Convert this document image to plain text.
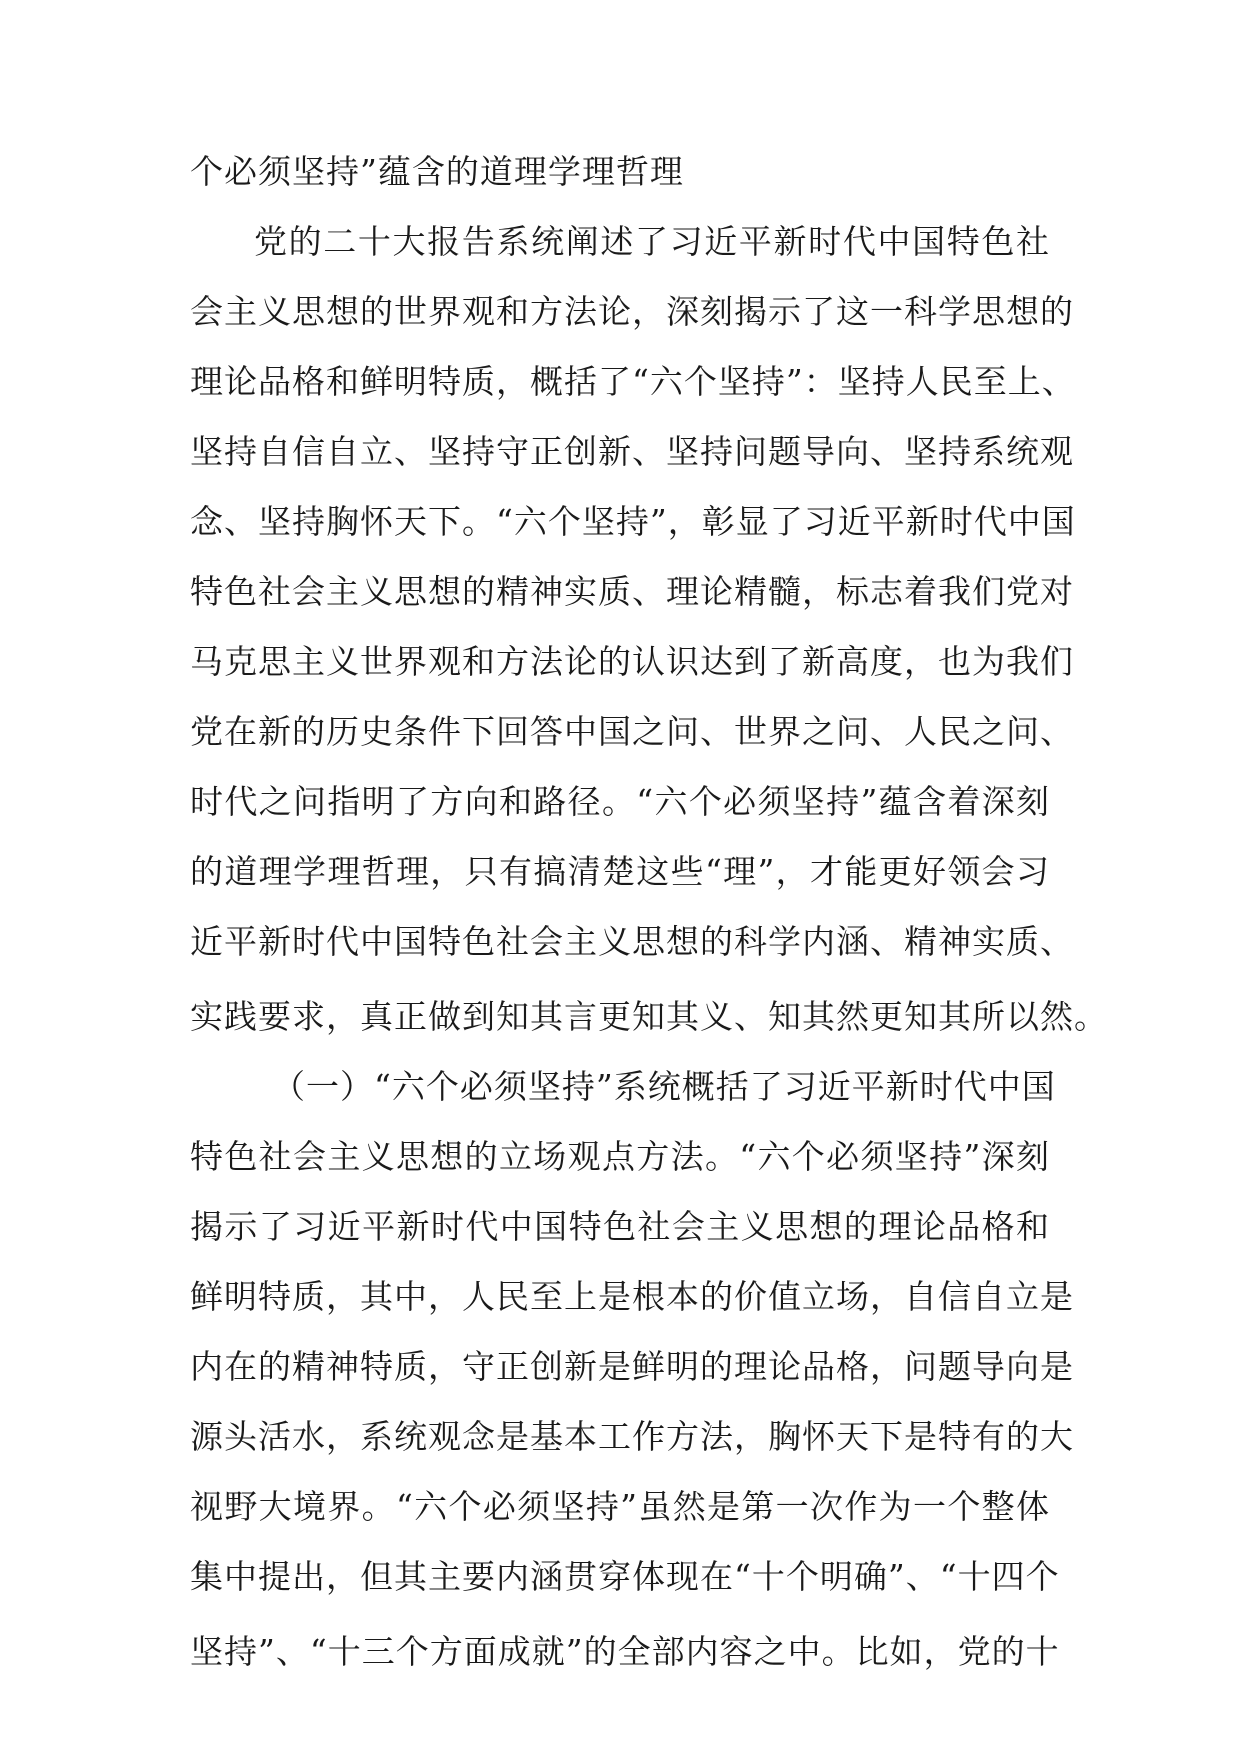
个必须坚持”蕴含的道理学理哲理
党的二十大报告系统阐述了习近平新时代中国特色社
会主义思想的世界观和方法论，深刻揭示了这一科学思想的
理论品格和鲜明特质，概括了“六个坚持”：坚持人民至上、
坚持自信自立、坚持守正创新、坚持问题导向、坚持系统观
念、坚持胸怀天下。“六个坚持”，彰显了习近平新时代中国
特色社会主义思想的精神实质、理论精髓，标志着我们党对
马克思主义世界观和方法论的认识达到了新高度，也为我们
党在新的历史条件下回答中国之问、世界之问、人民之问、
时代之问指明了方向和路径。“六个必须坚持”蕴含着深刻
的道理学理哲理，只有搞清楚这些“理”，才能更好领会习
近平新时代中国特色社会主义思想的科学内涵、精神实质、
实践要求，真正做到知其言更知其义、知其然更知其所以然。
（一）“六个必须坚持”系统概括了习近平新时代中国
特色社会主义思想的立场观点方法。“六个必须坚持”深刻
揭示了习近平新时代中国特色社会主义思想的理论品格和
鲜明特质，其中，人民至上是根本的价值立场，自信自立是
内在的精神特质，守正创新是鲜明的理论品格，问题导向是
源头活水，系统观念是基本工作方法，胸怀天下是特有的大
视野大境界。“六个必须坚持”虽然是第一次作为一个整体
集中提出，但其主要内涵贯穿体现在“十个明确”、“十四个
坚持”、“十三个方面成就”的全部内容之中。比如，党的十
